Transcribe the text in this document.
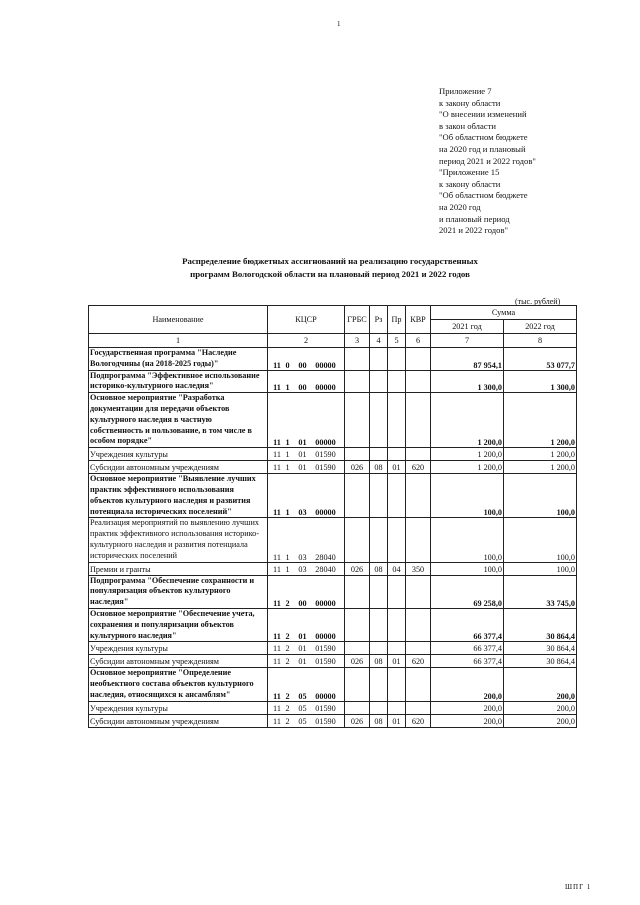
1
Приложение 7
к закону области
"О внесении изменений
в закон области
"Об областном бюджете
на 2020 год и плановый
период 2021 и 2022 годов"
"Приложение 15
к закону области
"Об областном бюджете
на 2020 год
и плановый период
2021 и 2022 годов"
Распределение бюджетных ассигнований на реализацию государственных
программ Вологодской области на плановый период 2021 и 2022 годов
(тыс. рублей)
Наименование	КЦСР	ГРБС	Рз	Пр	КВР	Сумма	
						2021 год	2022 год
1	2	3	4	5	6	7	8
Государственная программа "Наследие Вологодчины (на 2018-2025 годы)"	11 0 00 00000					87 954,1	53 077,7
Подпрограмма "Эффективное использование историко-культурного наследия"	11 1 00 00000					1 300,0	1 300,0
Основное мероприятие "Разработка документации для передачи объектов культурного наследия в частную собственность и пользование, в том числе в особом порядке"	11 1 01 00000					1 200,0	1 200,0
Учреждения культуры	11 1 01 01590					1 200,0	1 200,0
Субсидии автономным учреждениям	11 1 01 01590	026	08	01	620	1 200,0	1 200,0
Основное мероприятие "Выявление лучших практик эффективного использования объектов культурного наследия и развития потенциала исторических поселений"	11 1 03 00000					100,0	100,0
Реализация мероприятий по выявлению лучших практик эффективного использования историко-культурного наследия и развития потенциала исторических поселений	11 1 03 28040					100,0	100,0
Премии и гранты	11 1 03 28040	026	08	04	350	100,0	100,0
Подпрограмма "Обеспечение сохранности и популяризация объектов культурного наследия"	11 2 00 00000					69 258,0	33 745,0
Основное мероприятие "Обеспечение учета, сохранения и популяризации объектов культурного наследия"	11 2 01 00000					66 377,4	30 864,4
Учреждения культуры	11 2 01 01590					66 377,4	30 864,4
Субсидии автономным учреждениям	11 2 01 01590	026	08	01	620	66 377,4	30 864,4
Основное мероприятие "Определение необъектного состава объектов культурного наследия, относящихся к ансамблям"	11 2 05 00000					200,0	200,0
Учреждения культуры	11 2 05 01590					200,0	200,0
Субсидии автономным учреждениям	11 2 05 01590	026	08	01	620	200,0	200,0
ШПГ 1
